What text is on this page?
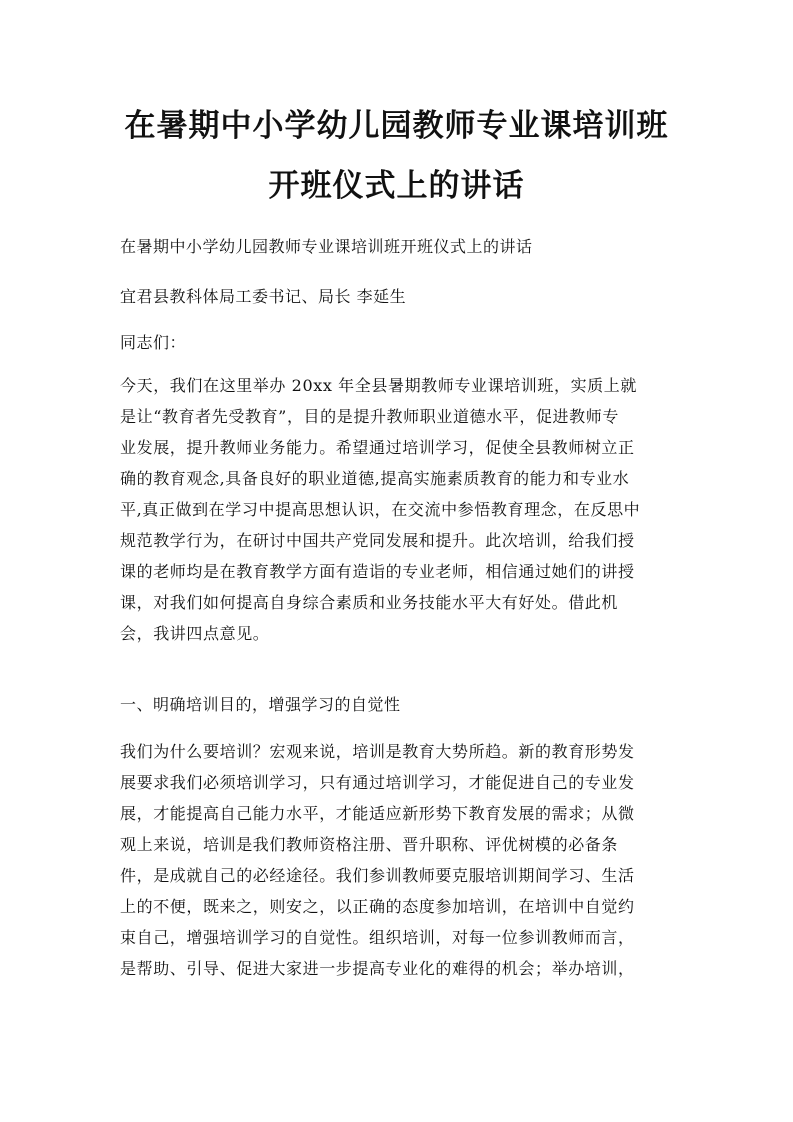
在暑期中小学幼儿园教师专业课培训班
开班仪式上的讲话
在暑期中小学幼儿园教师专业课培训班开班仪式上的讲话
宜君县教科体局工委书记、局长 李延生
同志们：

今天，我们在这里举办 20xx 年全县暑期教师专业课培训班，实质上就

是让“教育者先受教育”，目的是提升教师职业道德水平，促进教师专

业发展，提升教师业务能力。希望通过培训学习，促使全县教师树立正

确的教育观念,具备良好的职业道德,提高实施素质教育的能力和专业水

平,真正做到在学习中提高思想认识，在交流中参悟教育理念，在反思中

规范教学行为，在研讨中国共产党同发展和提升。此次培训，给我们授

课的老师均是在教育教学方面有造诣的专业老师，相信通过她们的讲授

课，对我们如何提高自身综合素质和业务技能水平大有好处。借此机

会，我讲四点意见。

一、明确培训目的，增强学习的自觉性

我们为什么要培训？宏观来说，培训是教育大势所趋。新的教育形势发

展要求我们必须培训学习，只有通过培训学习，才能促进自己的专业发

展，才能提高自己能力水平，才能适应新形势下教育发展的需求；从微

观上来说，培训是我们教师资格注册、晋升职称、评优树模的必备条

件，是成就自己的必经途径。我们参训教师要克服培训期间学习、生活

上的不便，既来之，则安之，以正确的态度参加培训，在培训中自觉约

束自己，增强培训学习的自觉性。组织培训，对每一位参训教师而言，

是帮助、引导、促进大家进一步提高专业化的难得的机会；举办培训，
